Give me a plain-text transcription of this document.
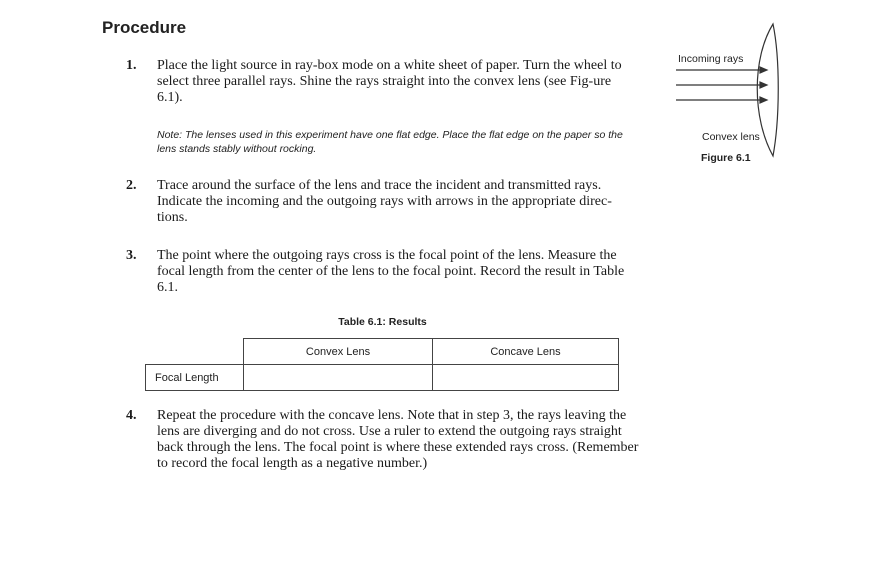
Procedure
1. Place the light source in ray-box mode on a white sheet of paper. Turn the wheel to select three parallel rays. Shine the rays straight into the convex lens (see Fig-ure 6.1).
Note: The lenses used in this experiment have one flat edge. Place the flat edge on the paper so the lens stands stably without rocking.
2. Trace around the surface of the lens and trace the incident and transmitted rays. Indicate the incoming and the outgoing rays with arrows in the appropriate direc-tions.
3. The point where the outgoing rays cross is the focal point of the lens. Measure the focal length from the center of the lens to the focal point. Record the result in Table 6.1.
Table 6.1: Results
Convex Lens	Concave Lens
Focal Length
4. Repeat the procedure with the concave lens. Note that in step 3, the rays leaving the lens are diverging and do not cross. Use a ruler to extend the outgoing rays straight back through the lens. The focal point is where these extended rays cross. (Remember to record the focal length as a negative number.)
Incoming rays
Convex lens
Figure 6.1
